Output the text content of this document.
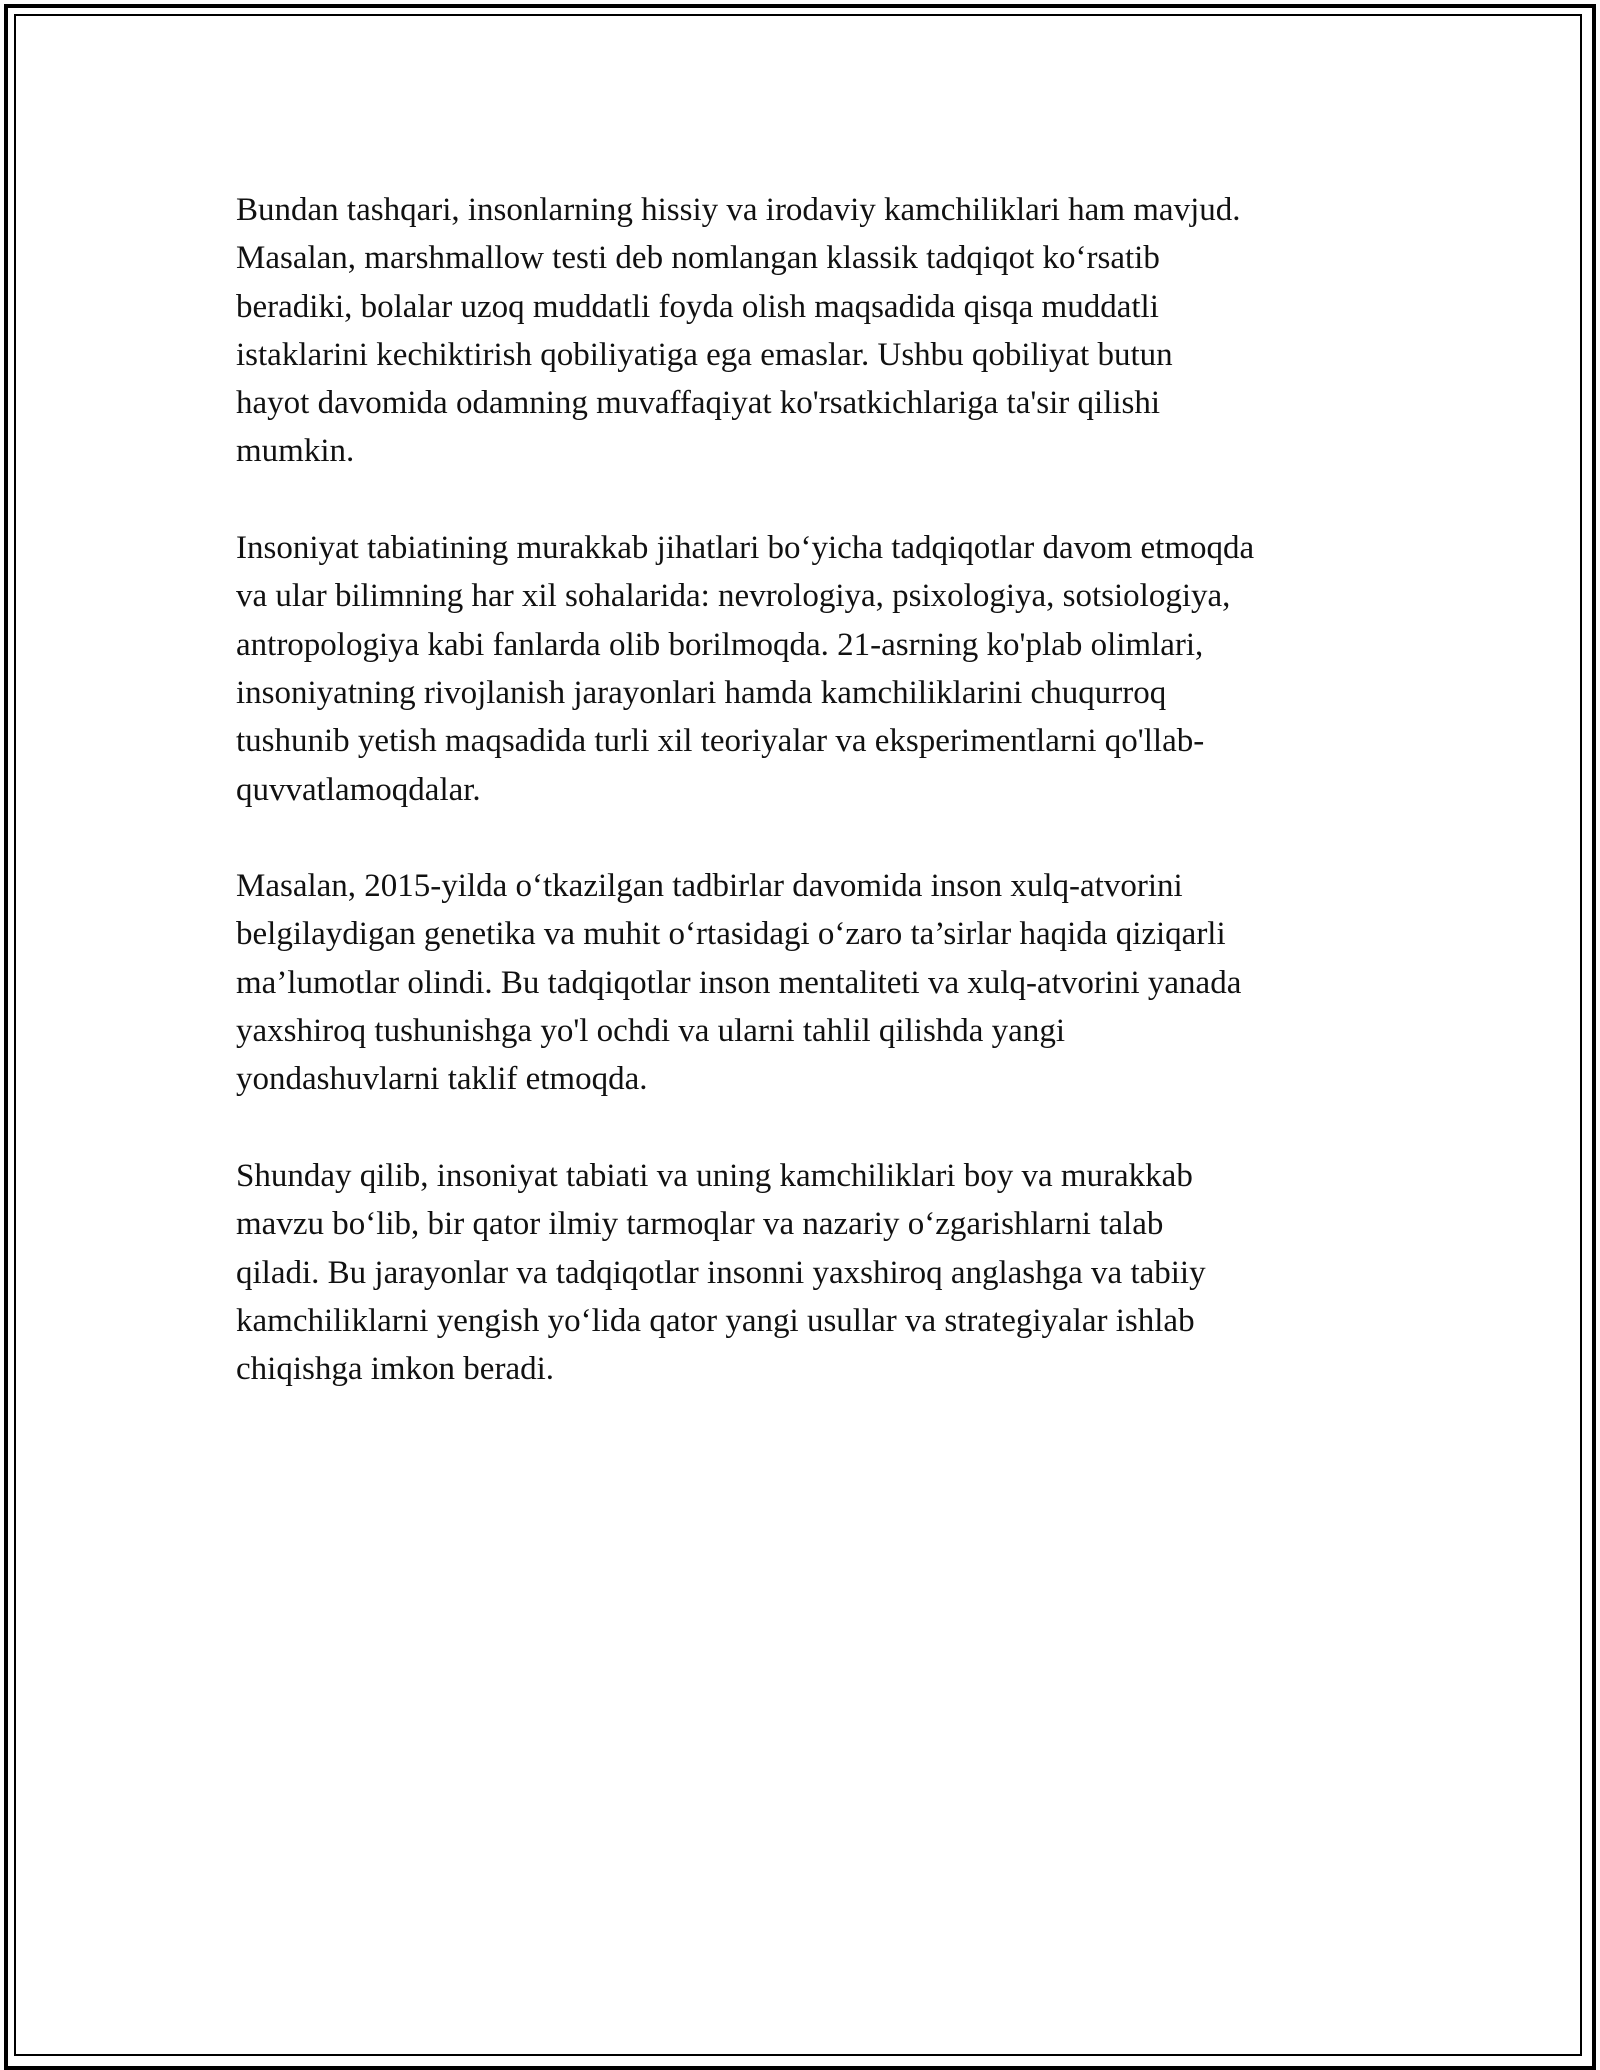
Bundan tashqari, insonlarning hissiy va irodaviy kamchiliklari ham mavjud.
Masalan, marshmallow testi deb nomlangan klassik tadqiqot ko‘rsatib
beradiki, bolalar uzoq muddatli foyda olish maqsadida qisqa muddatli
istaklarini kechiktirish qobiliyatiga ega emaslar. Ushbu qobiliyat butun
hayot davomida odamning muvaffaqiyat ko'rsatkichlariga ta'sir qilishi
mumkin.

Insoniyat tabiatining murakkab jihatlari bo‘yicha tadqiqotlar davom etmoqda
va ular bilimning har xil sohalarida: nevrologiya, psixologiya, sotsiologiya,
antropologiya kabi fanlarda olib borilmoqda. 21-asrning ko'plab olimlari,
insoniyatning rivojlanish jarayonlari hamda kamchiliklarini chuqurroq
tushunib yetish maqsadida turli xil teoriyalar va eksperimentlarni qo'llab-
quvvatlamoqdalar.

Masalan, 2015-yilda o‘tkazilgan tadbirlar davomida inson xulq-atvorini
belgilaydigan genetika va muhit o‘rtasidagi o‘zaro ta’sirlar haqida qiziqarli
ma’lumotlar olindi. Bu tadqiqotlar inson mentaliteti va xulq-atvorini yanada
yaxshiroq tushunishga yo'l ochdi va ularni tahlil qilishda yangi
yondashuvlarni taklif etmoqda.

Shunday qilib, insoniyat tabiati va uning kamchiliklari boy va murakkab
mavzu bo‘lib, bir qator ilmiy tarmoqlar va nazariy o‘zgarishlarni talab
qiladi. Bu jarayonlar va tadqiqotlar insonni yaxshiroq anglashga va tabiiy
kamchiliklarni yengish yo‘lida qator yangi usullar va strategiyalar ishlab
chiqishga imkon beradi.
